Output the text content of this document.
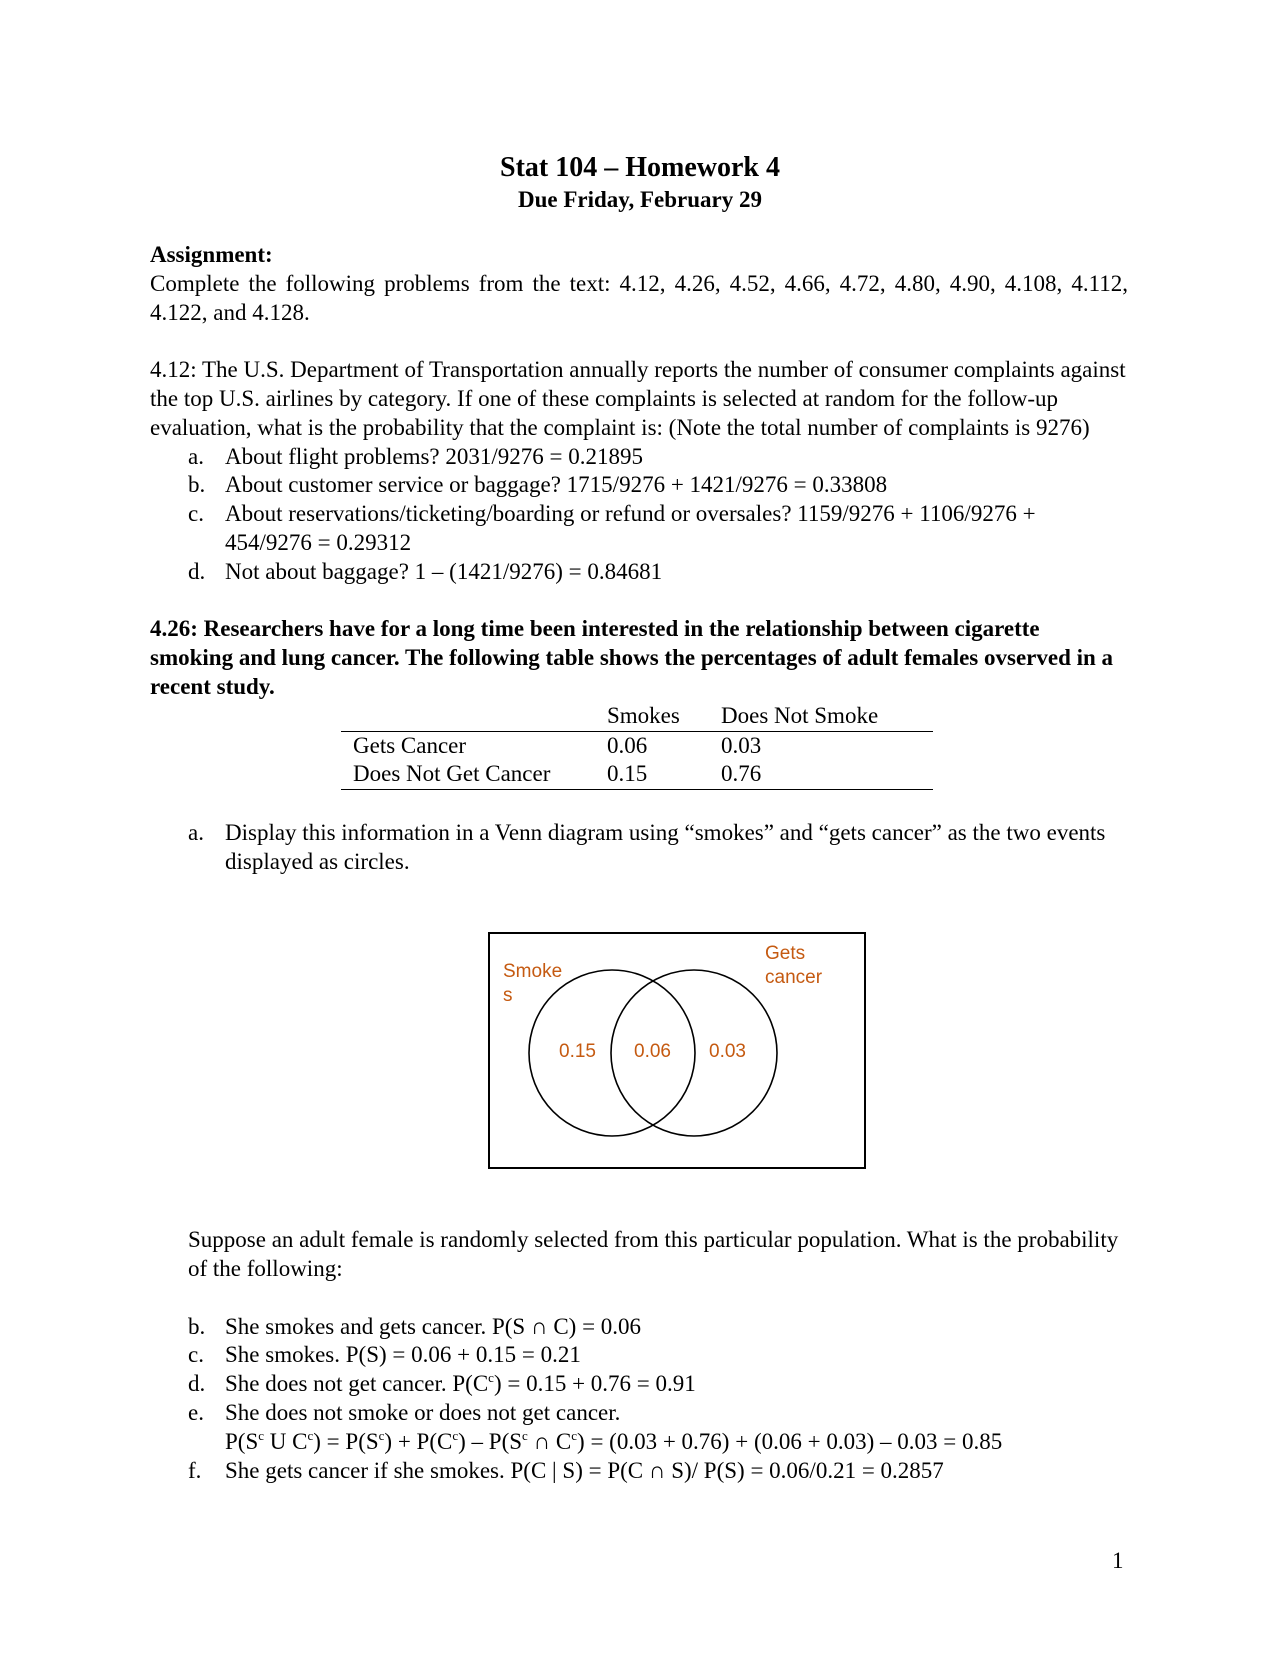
Stat 104 – Homework 4
Due Friday, February 29

Assignment:

Complete the following problems from the text: 4.12, 4.26, 4.52, 4.66, 4.72, 4.80, 4.90, 4.108, 4.112, 4.122, and 4.128.

4.12: The U.S. Department of Transportation annually reports the number of consumer complaints against the top U.S. airlines by category. If one of these complaints is selected at random for the follow-up evaluation, what is the probability that the complaint is: (Note the total number of complaints is 9276)

a. About flight problems? 2031/9276 = 0.21895
b. About customer service or baggage? 1715/9276 + 1421/9276 = 0.33808
c. About reservations/ticketing/boarding or refund or oversales? 1159/9276 + 1106/9276 + 454/9276 = 0.29312
d. Not about baggage? 1 – (1421/9276) = 0.84681

4.26: Researchers have for a long time been interested in the relationship between cigarette smoking and lung cancer. The following table shows the percentages of adult females ovserved in a recent study.

	Smokes	Does Not Smoke
Gets Cancer	0.06	0.03
Does Not Get Cancer	0.15	0.76
a. Display this information in a Venn diagram using “smokes” and “gets cancer” as the two events displayed as circles.
Smoke
s
Gets
cancer
0.15 0.06 0.03

Suppose an adult female is randomly selected from this particular population. What is the probability of the following:

b. She smokes and gets cancer. P(S ∩ C) = 0.06
c. She smokes. P(S) = 0.06 + 0.15 = 0.21
d. She does not get cancer. $P(C^c) = 0.15 + 0.76 = 0.91$
e. She does not smoke or does not get cancer.
$P(S^c$ U $C^c) = P(S^c) + P(C^c) - P(S^c$ ∩ $C^c) = (0.03 + 0.76) + (0.06 + 0.03) - 0.03 = 0.85$
f. She gets cancer if she smokes. P(C | S) = P(C ∩ S)/ P(S) = 0.06/0.21 = 0.2857
1
